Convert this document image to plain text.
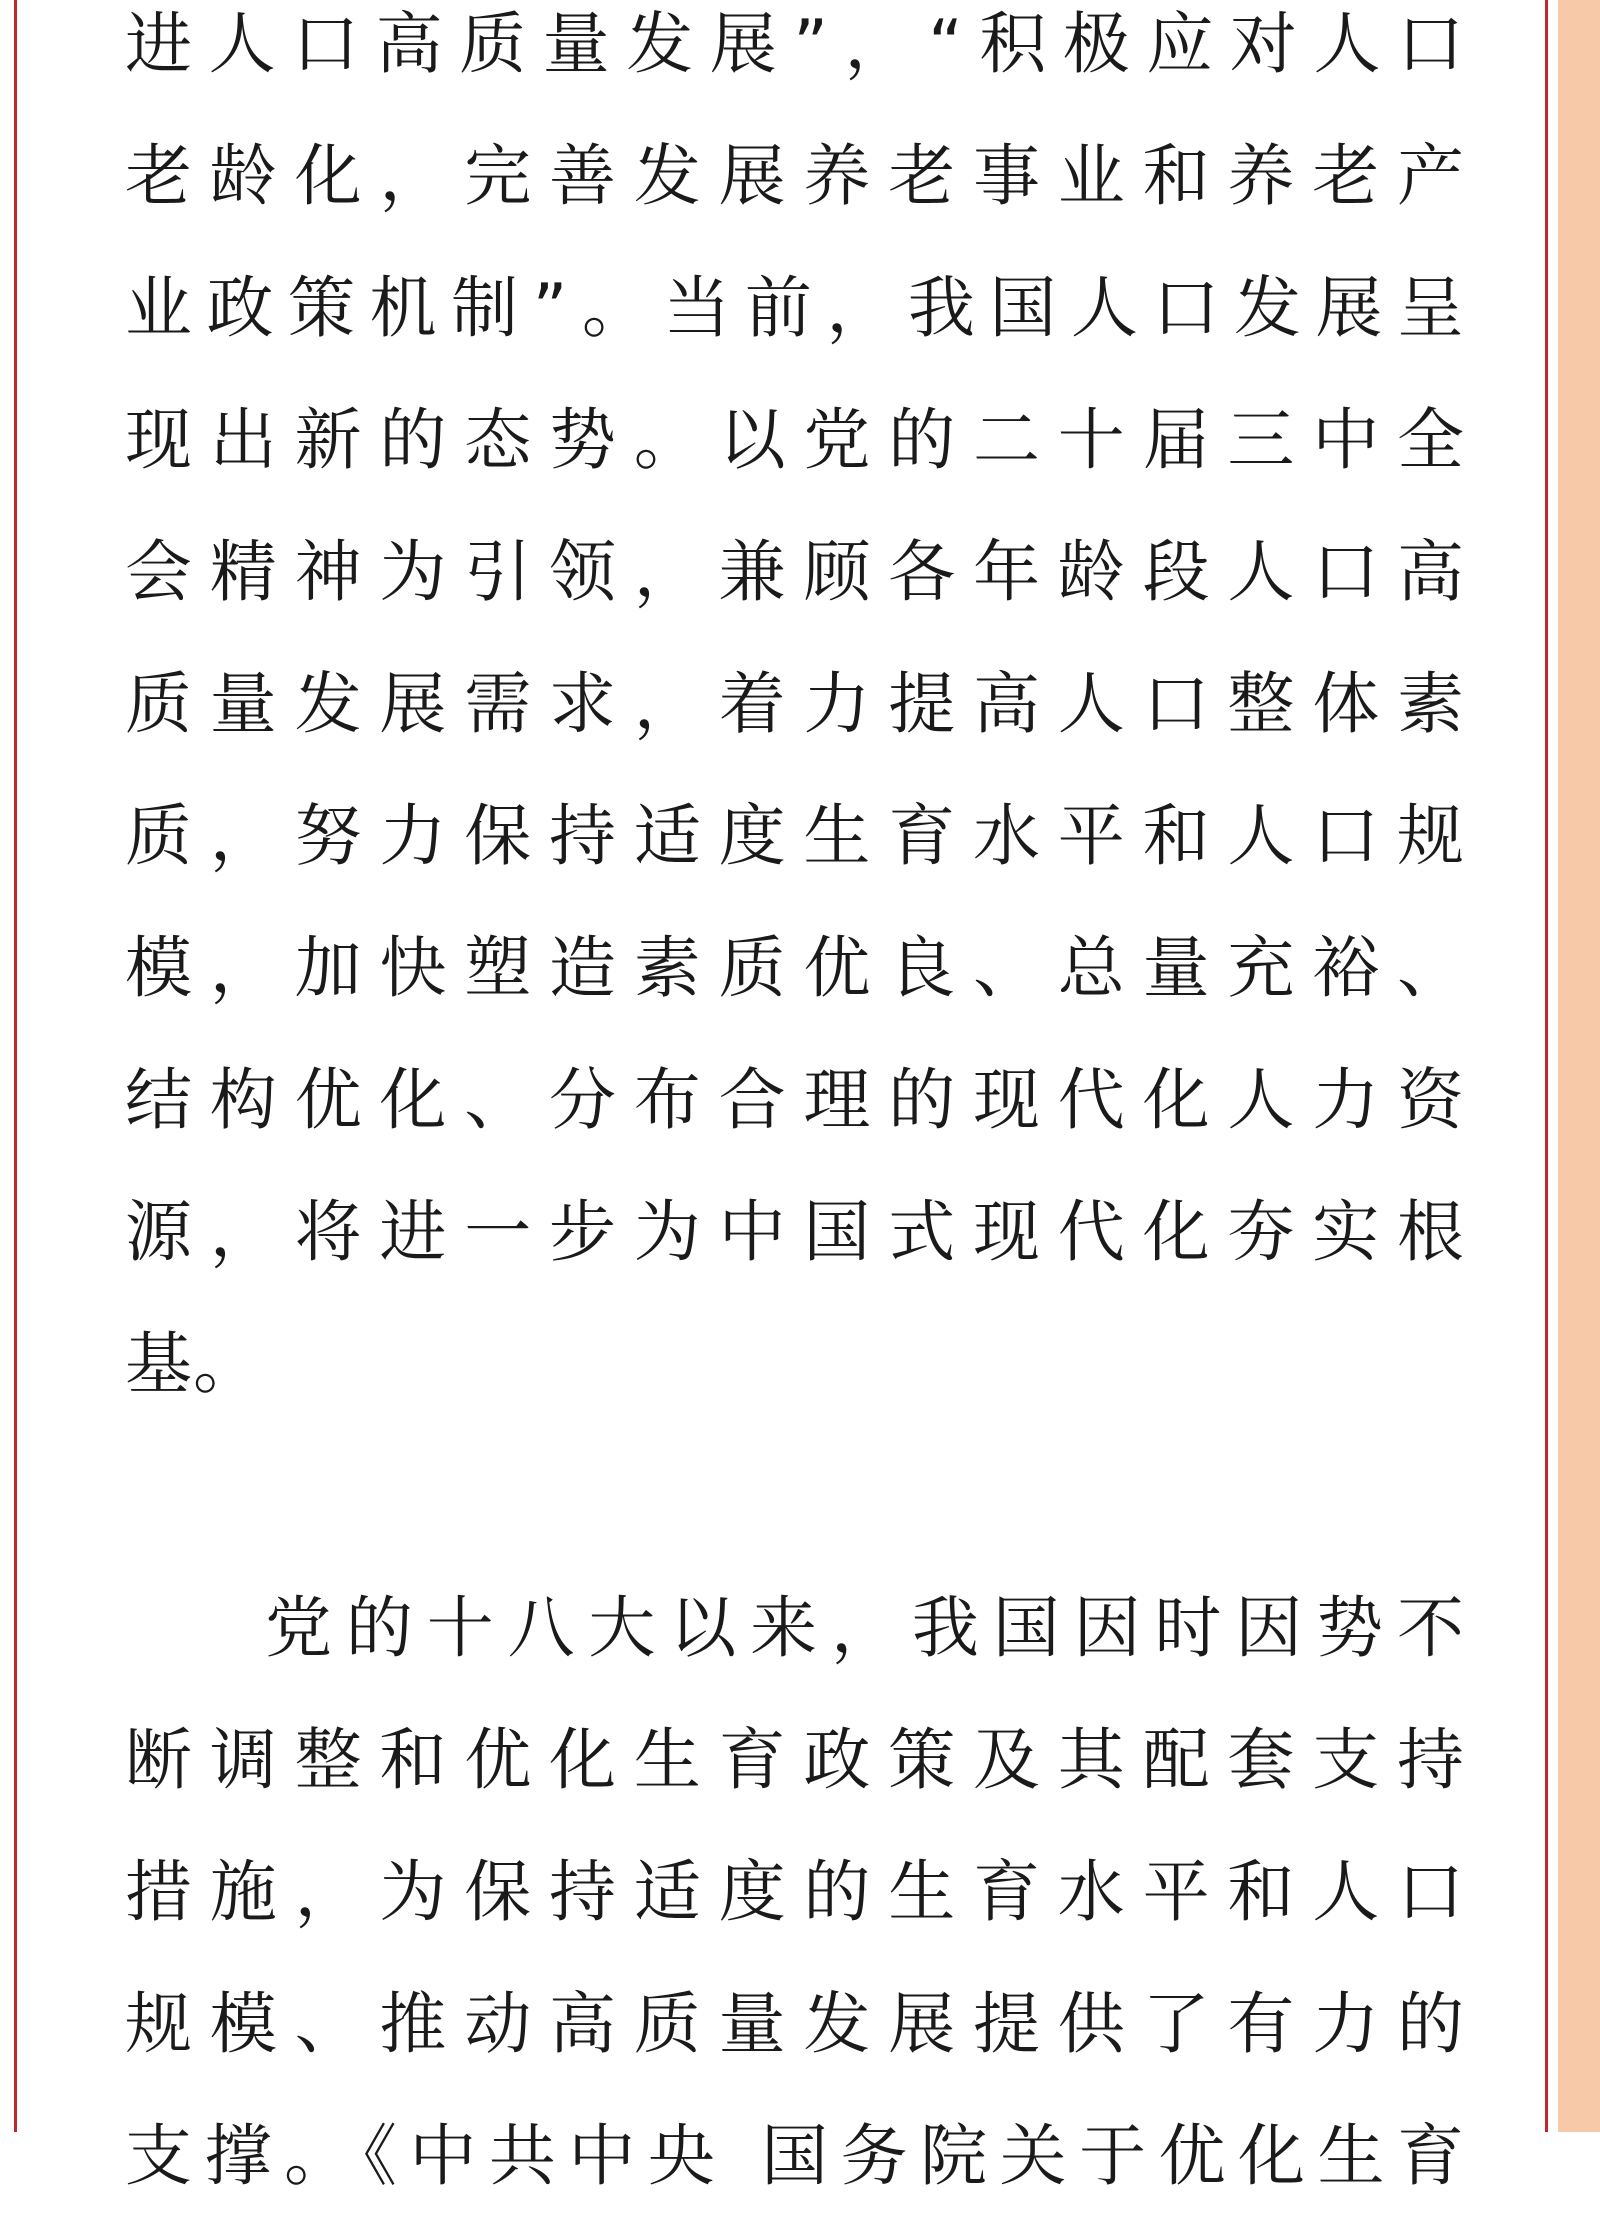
进人口高质量发展”，“积极应对人口
老龄化，完善发展养老事业和养老产
业政策机制”。当前，我国人口发展呈
现出新的态势。以党的二十届三中全
会精神为引领，兼顾各年龄段人口高
质量发展需求，着力提高人口整体素
质，努力保持适度生育水平和人口规
模，加快塑造素质优良、总量充裕、
结构优化、分布合理的现代化人力资
源，将进一步为中国式现代化夯实根
基。
党的十八大以来，我国因时因势不
断调整和优化生育政策及其配套支持
措施，为保持适度的生育水平和人口
规模、推动高质量发展提供了有力的
支撑。《中共中央 国务院关于优化生育
